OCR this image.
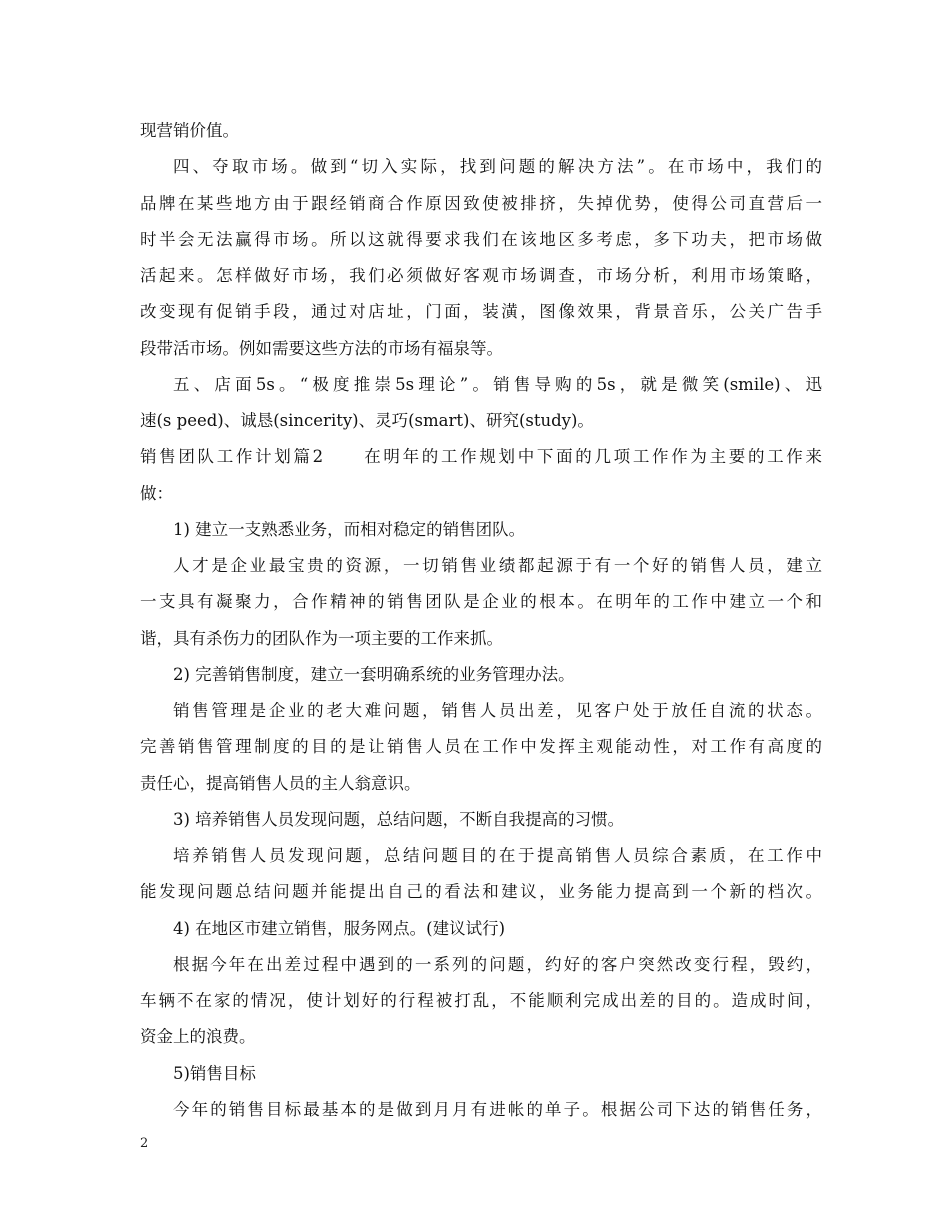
现营销价值。
四、夺取市场。做到“切入实际，找到问题的解决方法”。在市场中，我们的
品牌在某些地方由于跟经销商合作原因致使被排挤，失掉优势，使得公司直营后一
时半会无法赢得市场。所以这就得要求我们在该地区多考虑，多下功夫，把市场做
活起来。怎样做好市场，我们必须做好客观市场调查，市场分析，利用市场策略，
改变现有促销手段，通过对店址，门面，装潢，图像效果，背景音乐，公关广告手
段带活市场。例如需要这些方法的市场有福泉等。
五、店面5s。“极度推崇5s理论”。销售导购的5s，就是微笑(smile)、迅
速(s peed)、诚恳(sincerity)、灵巧(smart)、研究(study)。
销售团队工作计划篇2　　在明年的工作规划中下面的几项工作作为主要的工作来
做：
1) 建立一支熟悉业务，而相对稳定的销售团队。
人才是企业最宝贵的资源，一切销售业绩都起源于有一个好的销售人员，建立
一支具有凝聚力，合作精神的销售团队是企业的根本。在明年的工作中建立一个和
谐，具有杀伤力的团队作为一项主要的工作来抓。
2) 完善销售制度，建立一套明确系统的业务管理办法。
销售管理是企业的老大难问题，销售人员出差，见客户处于放任自流的状态。
完善销售管理制度的目的是让销售人员在工作中发挥主观能动性，对工作有高度的
责任心，提高销售人员的主人翁意识。
3) 培养销售人员发现问题，总结问题，不断自我提高的习惯。
培养销售人员发现问题，总结问题目的在于提高销售人员综合素质，在工作中
能发现问题总结问题并能提出自己的看法和建议，业务能力提高到一个新的档次。
4) 在地区市建立销售，服务网点。(建议试行)
根据今年在出差过程中遇到的一系列的问题，约好的客户突然改变行程，毁约，
车辆不在家的情况，使计划好的行程被打乱，不能顺利完成出差的目的。造成时间，
资金上的浪费。
5)销售目标
今年的销售目标最基本的是做到月月有进帐的单子。根据公司下达的销售任务，
2
